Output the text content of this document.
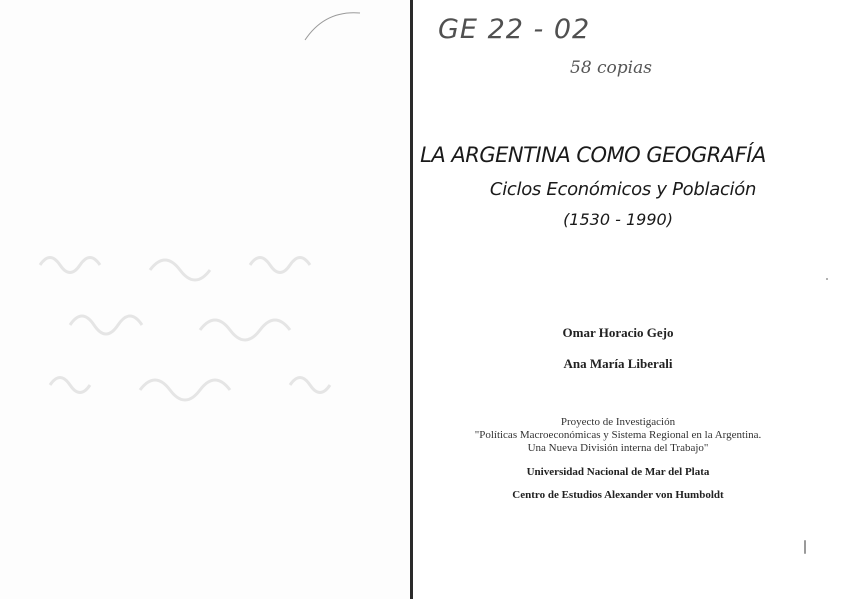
GE 22 - 02
58 copias
LA ARGENTINA COMO GEOGRAFÍA
Ciclos Económicos y Población
(1530 - 1990)
Omar Horacio Gejo
Ana María Liberali
Proyecto de Investigación
"Políticas Macroeconómicas y Sistema Regional en la Argentina.
Una Nueva División interna del Trabajo"
Universidad Nacional de Mar del Plata
Centro de Estudios Alexander von Humboldt
